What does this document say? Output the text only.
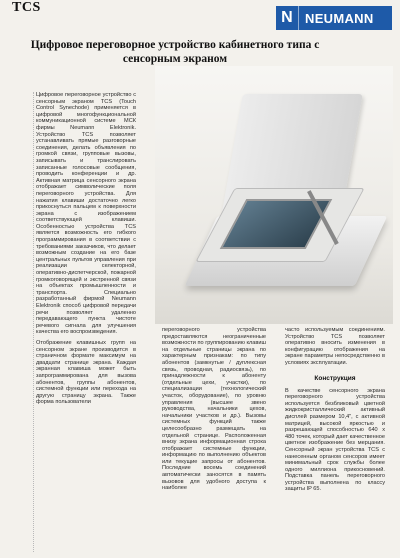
TCS
Ν NEUMANN
Цифровое переговорное устройство кабинетного типа с сенсорным экраном

Цифровое переговорное устройство с сенсорным экраном TCS (Touch Control Synechode) применяется в цифровой многофункциональной коммуникационной системе МСК фирмы Neumann Elektronik. Устройство TCS позволяет устанавливать прямые разговорные соединения, делать объявления по громкой связи, групповые вызовы, записывать и транслировать записанные голосовые сообщения, проводить конференции и др. Активная матрица сенсорного экрана отображает символические поля переговорного устройства. Для нажатия клавиши достаточно легко прикоснуться пальцем к поверхности экрана с изображением соответствующей клавиши. Особенностью устройства TCS является возможность его гибкого программирования в соответствии с требованиями заказчиков, что делает возможным создание на его базе центральных пультов управления при реализации селекторной, оперативно-диспетчерской, пожарной громкоговорящей и экстренной связи на объектах промышленности и транспорта. Специально разработанный фирмой Neumann Elektronik способ цифровой передачи речи позволяет удаленно передавающего пункта чистоте речевого сигнала для улучшения качества его воспроизведения.

Отображение клавишных групп на сенсорном экране производится в страничном формате максимум на двадцати странице экрана. Каждая экранная клавиша может быть запрограммирована для вызова абонентов, группы абонентов, системной функции или перехода на другую страницу экрана. Также форма пользователи

переговорного устройства предоставляются неограниченные возможности по группированию клавиш на отдельные страницы экрана по характерным признакам: по типу абонентов (замкнутые / дуплексная связь, проводная, радиосвязь), по принадлежности к абоненту (отдельные цехи, участки), по специализации (технологический участок, оборудование), по уровню управления (высшее звено руководства, начальники цехов, начальники участков и др.). Вызовы системных функций также целесообразно размещать на отдельной странице. Расположенная внизу экрана информационная строка отображает системные функции, информацию по выполнению объектов или текущие запросы от абонентов. Последние восемь соединений автоматически заносятся в память вызовов для удобного доступа к наиболее

часто используемым соединениям. Устройство TCS позволяет оперативно вносить изменения в конфигурацию отображения на экране параметры непосредственно в условиях эксплуатации.

Конструкция

В качестве сенсорного экрана переговорного устройства используется безбликовый цветной жидкокристаллический активный дисплей размером 10,4", с активной матрицей, высокой яркостью и разрешающей способностью 640 x 480 точек, который дает качественное цветное изображение без мерцания. Сенсорный экран устройства TCS с нанесенным органом сенсоров имеет минимальный срок службы более одного миллиона прикосновений. Подставка панель переговорного устройства выполнена по классу защиты IP 65.
